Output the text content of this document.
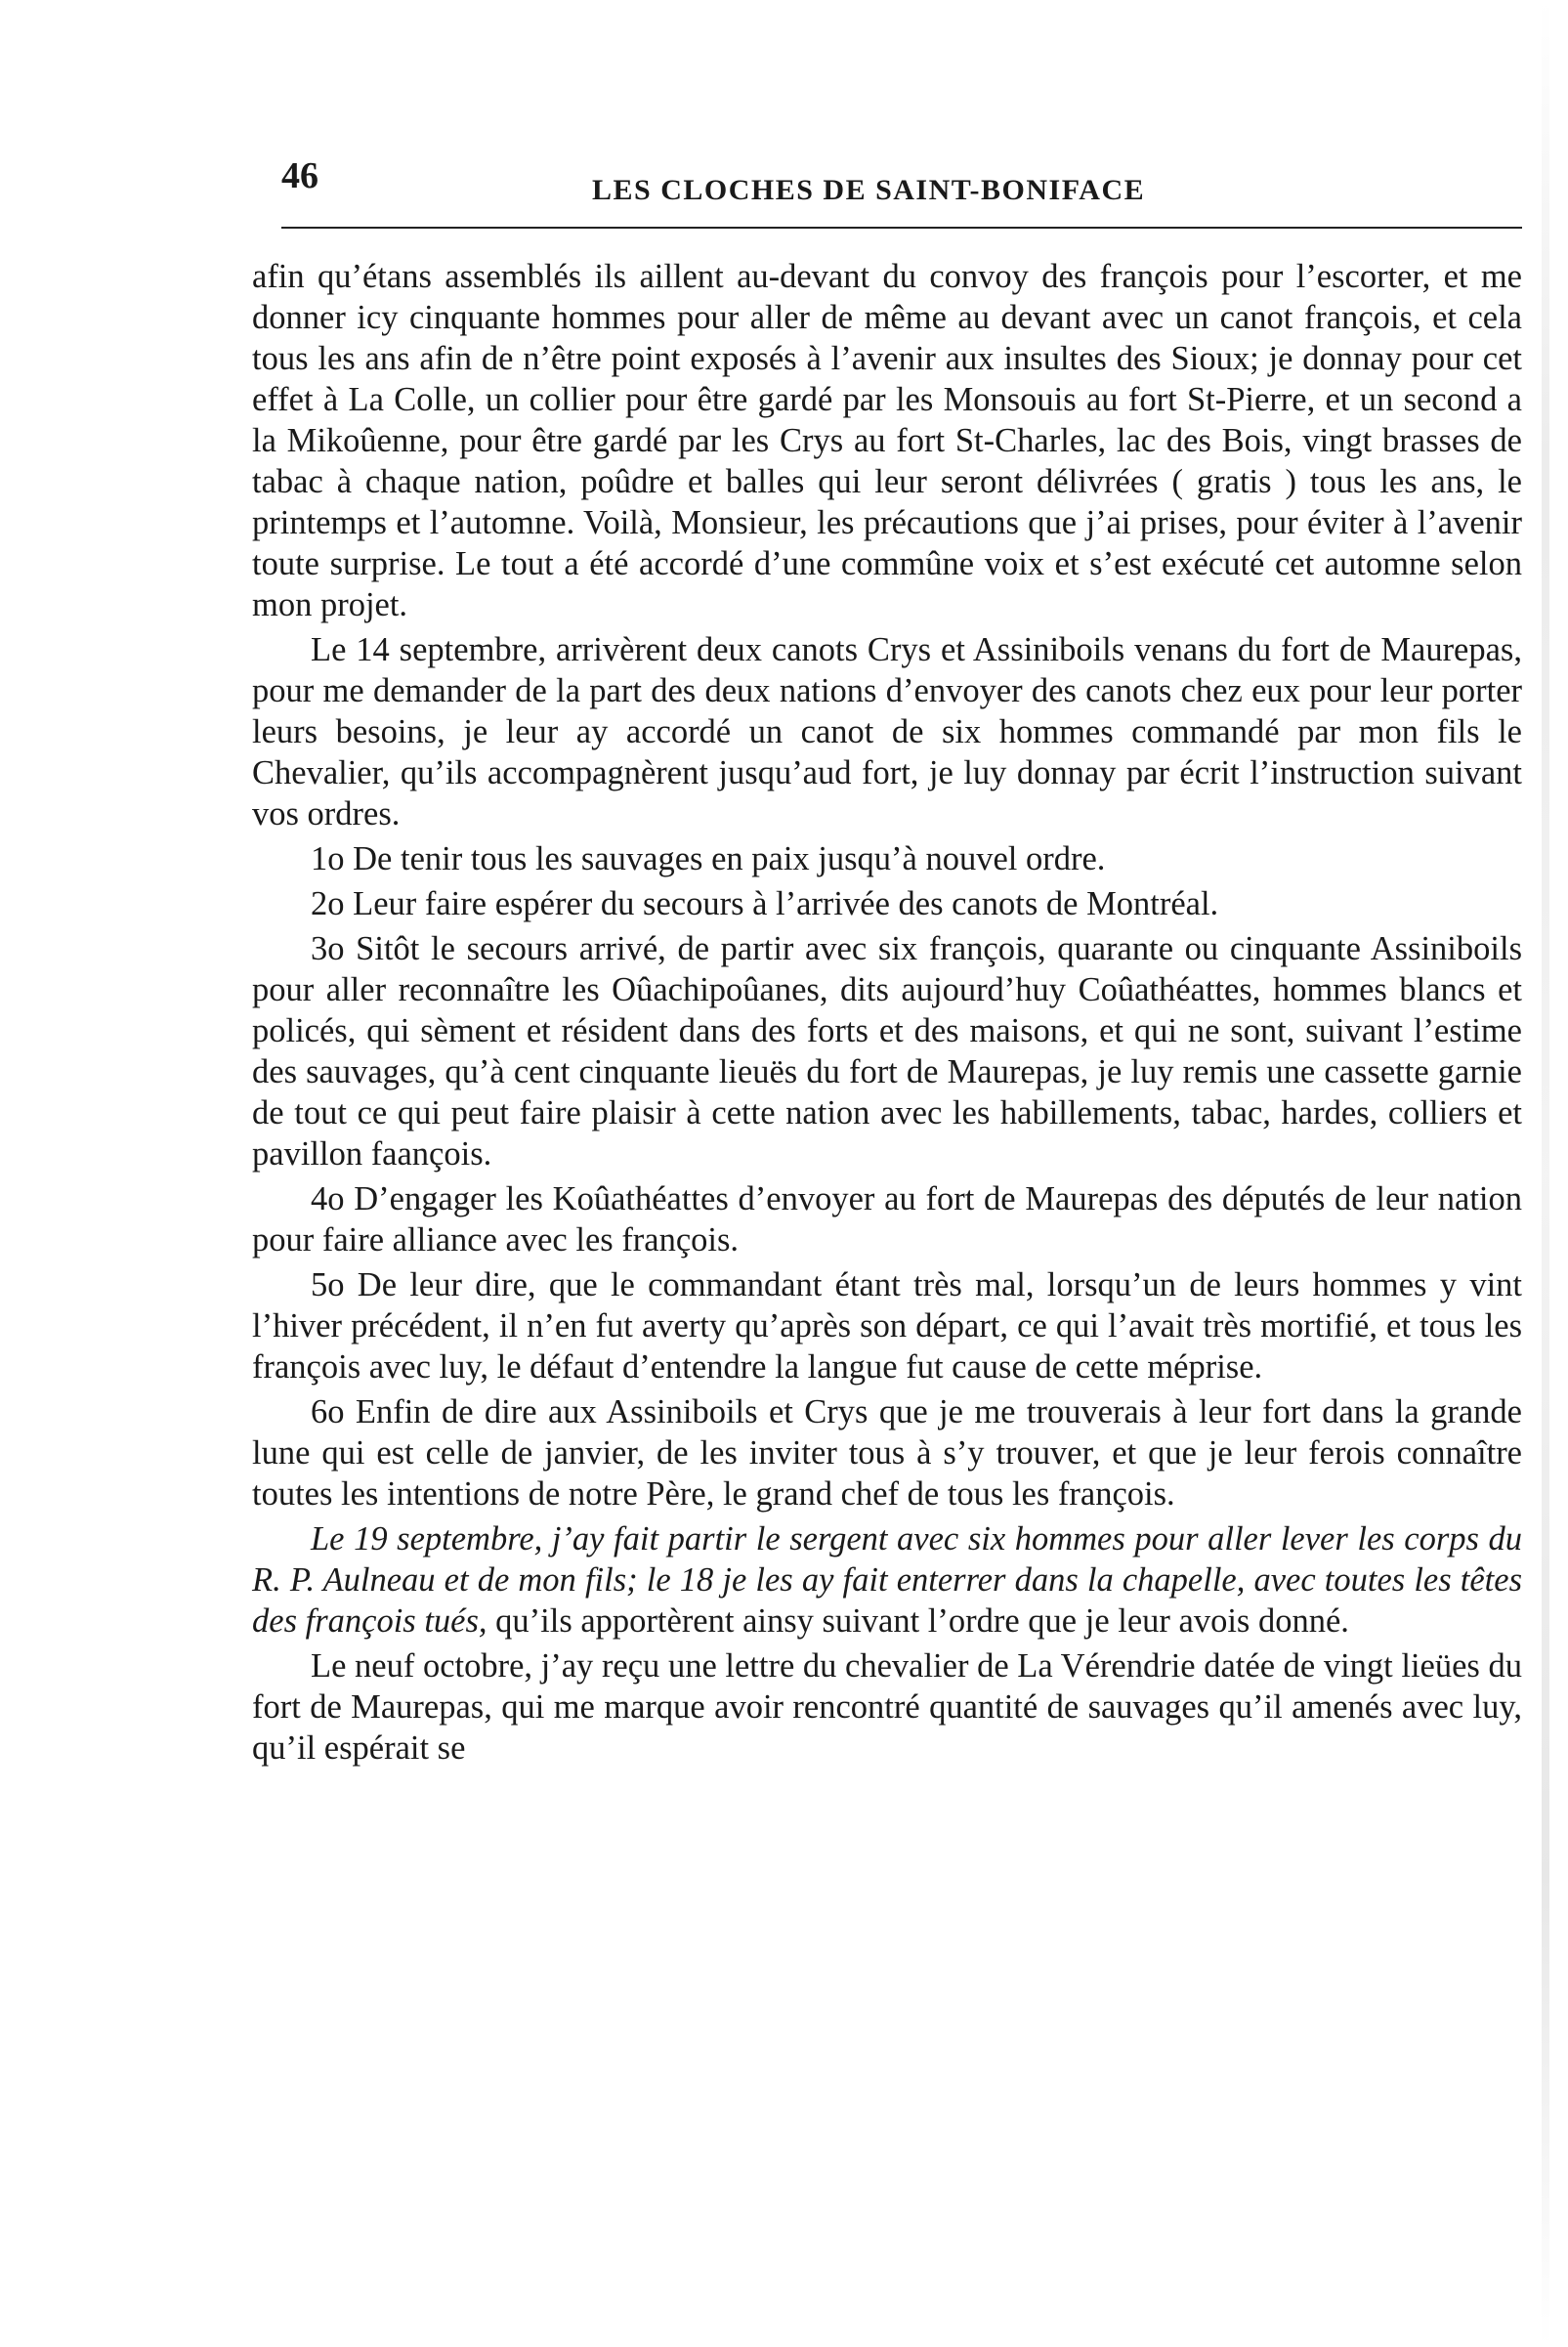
46	LES CLOCHES DE SAINT-BONIFACE

afin qu’étans assemblés ils aillent au-devant du convoy des françois pour l’escorter, et me donner icy cinquante hommes pour aller de même au devant avec un canot françois, et cela tous les ans afin de n’être point exposés à l’avenir aux insultes des Sioux; je donnay pour cet effet à La Colle, un collier pour être gardé par les Monsouis au fort St-Pierre, et un second a la Mikoûenne, pour être gardé par les Crys au fort St-Charles, lac des Bois, vingt brasses de tabac à chaque nation, poûdre et balles qui leur seront délivrées ( gratis ) tous les ans, le printemps et l’automne. Voilà, Monsieur, les précautions que j’ai prises, pour éviter à l’avenir toute surprise. Le tout a été accordé d’une commûne voix et s’est exécuté cet automne selon mon projet.

Le 14 septembre, arrivèrent deux canots Crys et Assiniboils venans du fort de Maurepas, pour me demander de la part des deux nations d’envoyer des canots chez eux pour leur porter leurs besoins, je leur ay accordé un canot de six hommes commandé par mon fils le Chevalier, qu’ils accompagnèrent jusqu’aud fort, je luy donnay par écrit l’instruction suivant vos ordres.

1o De tenir tous les sauvages en paix jusqu’à nouvel ordre.

2o Leur faire espérer du secours à l’arrivée des canots de Montréal.

3o Sitôt le secours arrivé, de partir avec six françois, quarante ou cinquante Assiniboils pour aller reconnaître les Oûachipoûanes, dits aujourd’huy Coûathéattes, hommes blancs et policés, qui sèment et résident dans des forts et des maisons, et qui ne sont, suivant l’estime des sauvages, qu’à cent cinquante lieuës du fort de Maurepas, je luy remis une cassette garnie de tout ce qui peut faire plaisir à cette nation avec les habillements, tabac, hardes, colliers et pavillon faançois.

4o D’engager les Koûathéattes d’envoyer au fort de Maurepas des députés de leur nation pour faire alliance avec les françois.

5o De leur dire, que le commandant étant très mal, lorsqu’un de leurs hommes y vint l’hiver précédent, il n’en fut averty qu’après son départ, ce qui l’avait très mortifié, et tous les françois avec luy, le défaut d’entendre la langue fut cause de cette méprise.

6o Enfin de dire aux Assiniboils et Crys que je me trouverais à leur fort dans la grande lune qui est celle de janvier, de les inviter tous à s’y trouver, et que je leur ferois connaître toutes les intentions de notre Père, le grand chef de tous les françois.

Le 19 septembre, j’ay fait partir le sergent avec six hommes pour aller lever les corps du R. P. Aulneau et de mon fils; le 18 je les ay fait enterrer dans la chapelle, avec toutes les têtes des françois tués, qu’ils apportèrent ainsy suivant l’ordre que je leur avois donné.

Le neuf octobre, j’ay reçu une lettre du chevalier de La Vérendrie datée de vingt lieües du fort de Maurepas, qui me marque avoir rencontré quantité de sauvages qu’il amenés avec luy, qu’il espérait se
